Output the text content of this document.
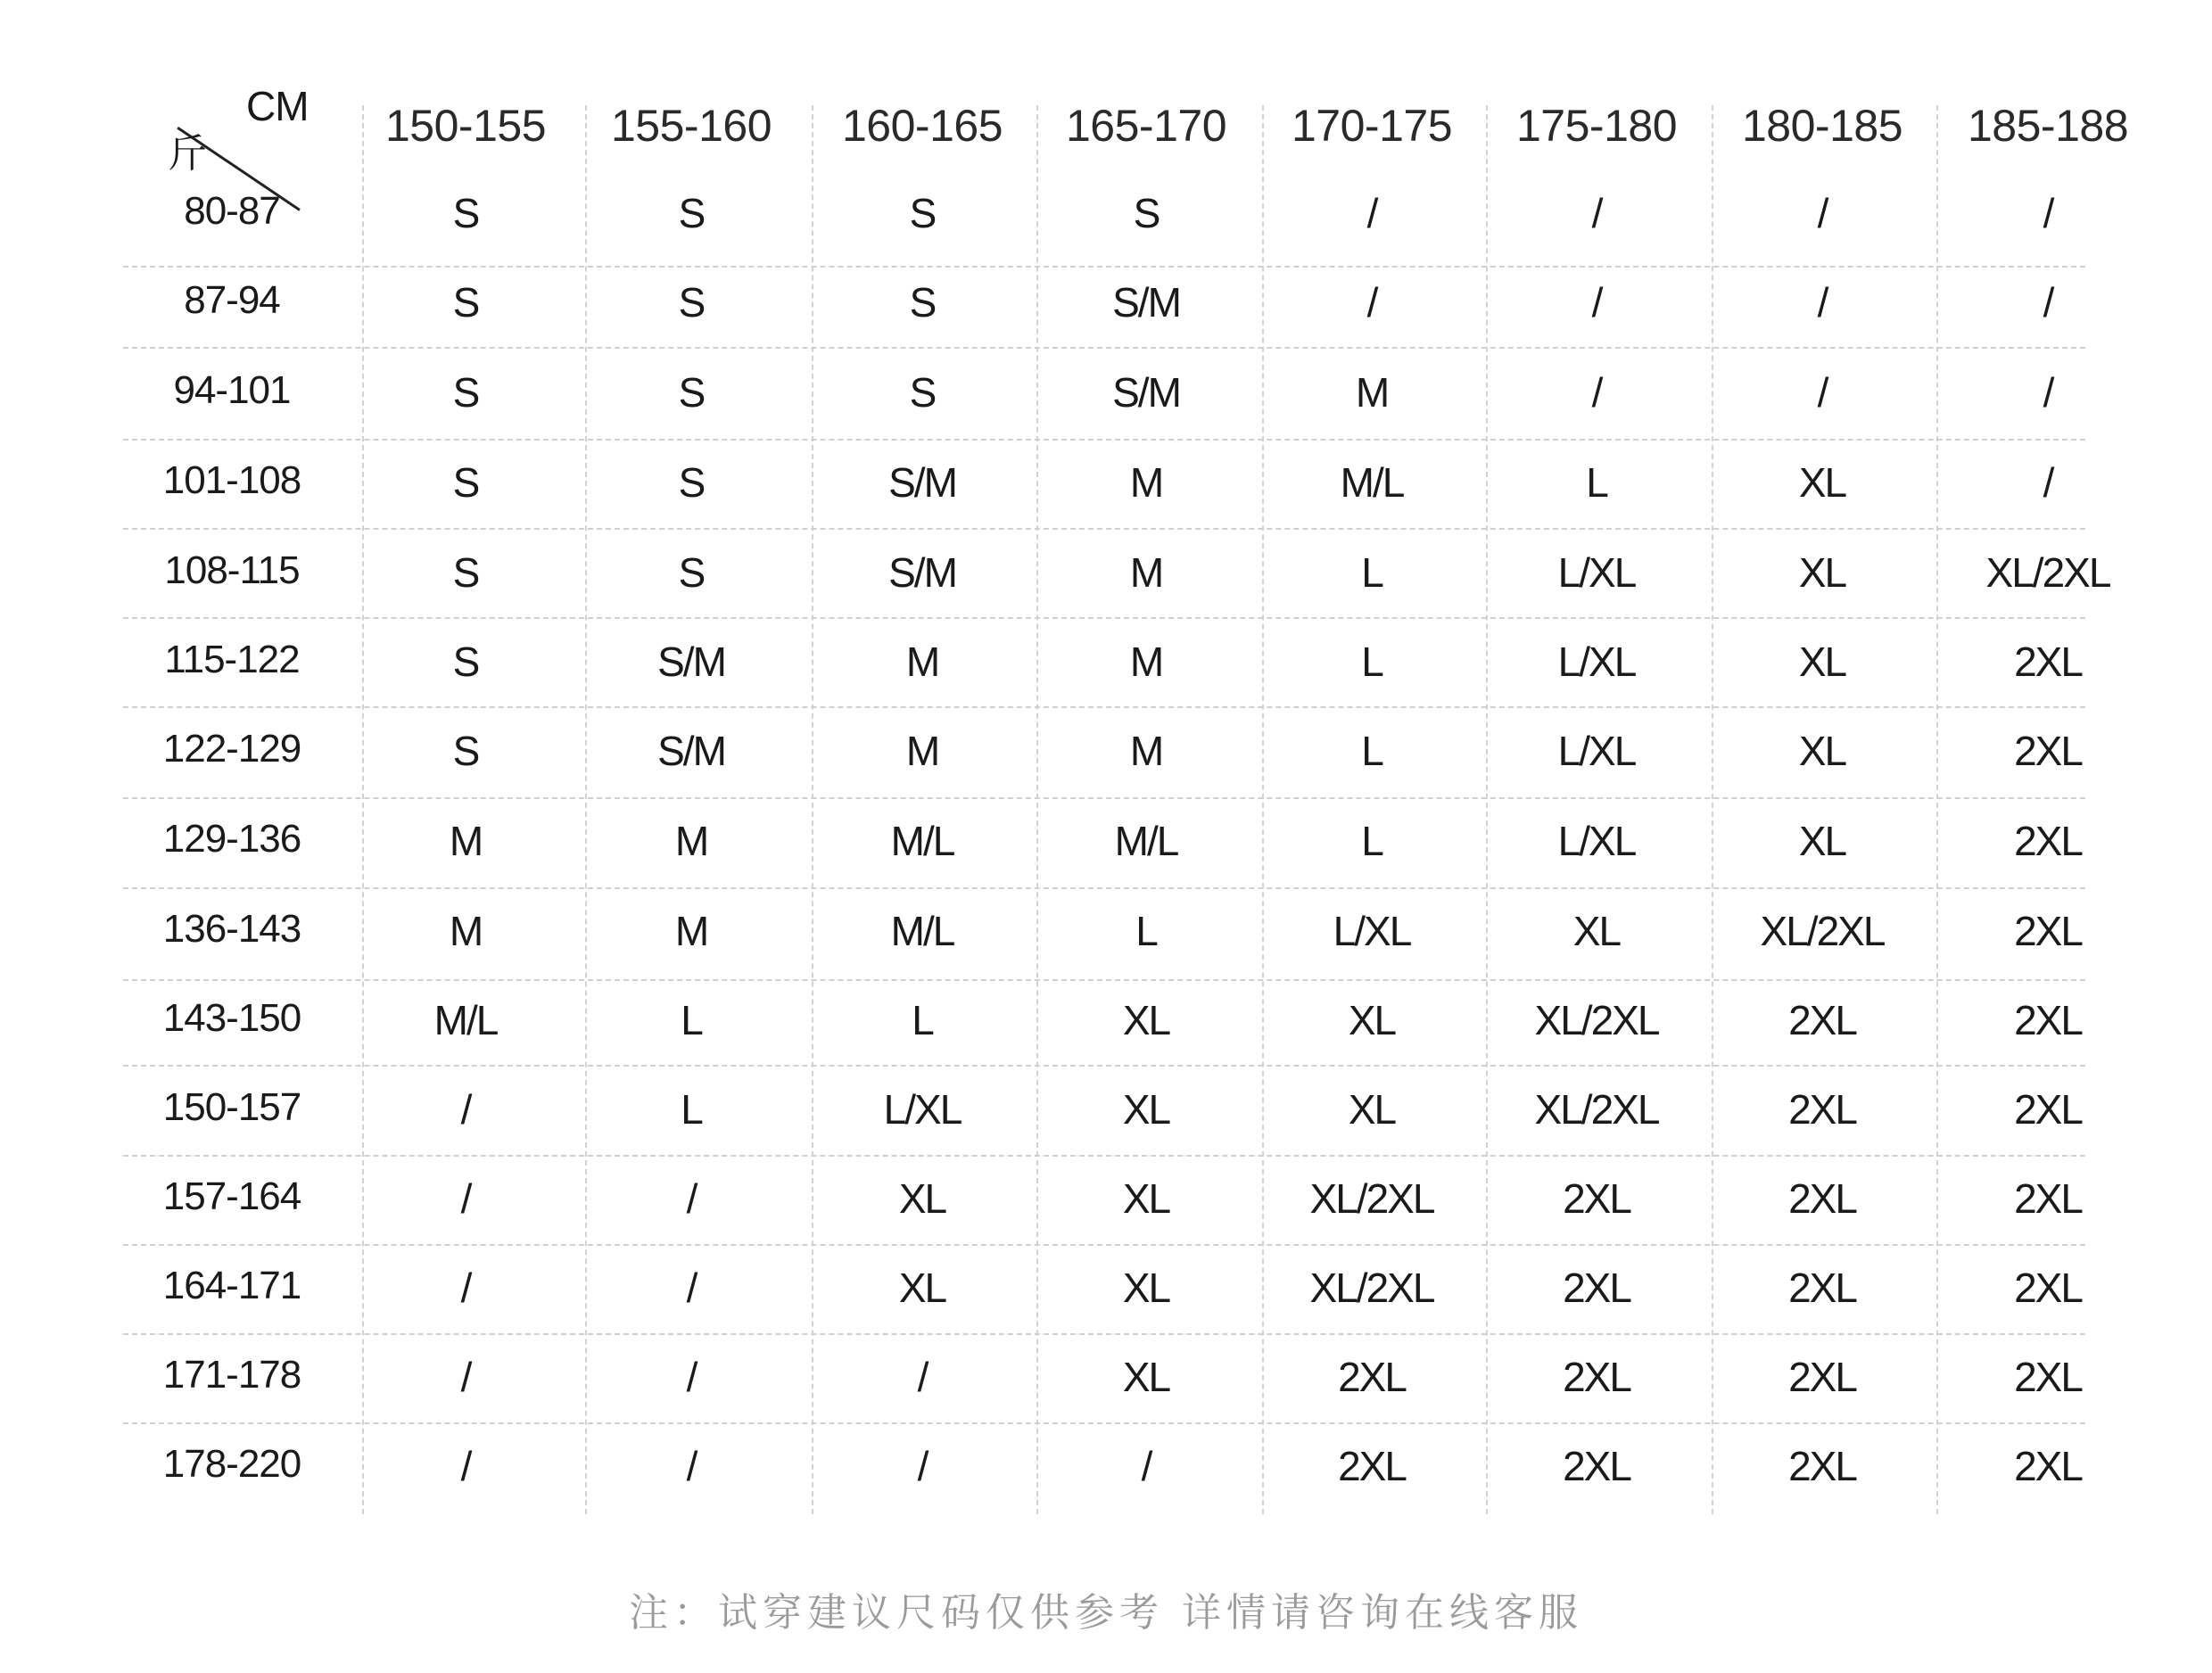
CM
斤
150-155	155-160	160-165	165-170	170-175	175-180	180-185	185-188
80-87	S	S	S	S	/	/	/	/
87-94	S	S	S	S/M	/	/	/	/
94-101	S	S	S	S/M	M	/	/	/
101-108	S	S	S/M	M	M/L	L	XL	/
108-115	S	S	S/M	M	L	L/XL	XL	XL/2XL
115-122	S	S/M	M	M	L	L/XL	XL	2XL
122-129	S	S/M	M	M	L	L/XL	XL	2XL
129-136	M	M	M/L	M/L	L	L/XL	XL	2XL
136-143	M	M	M/L	L	L/XL	XL	XL/2XL	2XL
143-150	M/L	L	L	XL	XL	XL/2XL	2XL	2XL
150-157	/	L	L/XL	XL	XL	XL/2XL	2XL	2XL
157-164	/	/	XL	XL	XL/2XL	2XL	2XL	2XL
164-171	/	/	XL	XL	XL/2XL	2XL	2XL	2XL
171-178	/	/	/	XL	2XL	2XL	2XL	2XL
178-220	/	/	/	/	2XL	2XL	2XL	2XL
注：试穿建议尺码仅供参考 详情请咨询在线客服
